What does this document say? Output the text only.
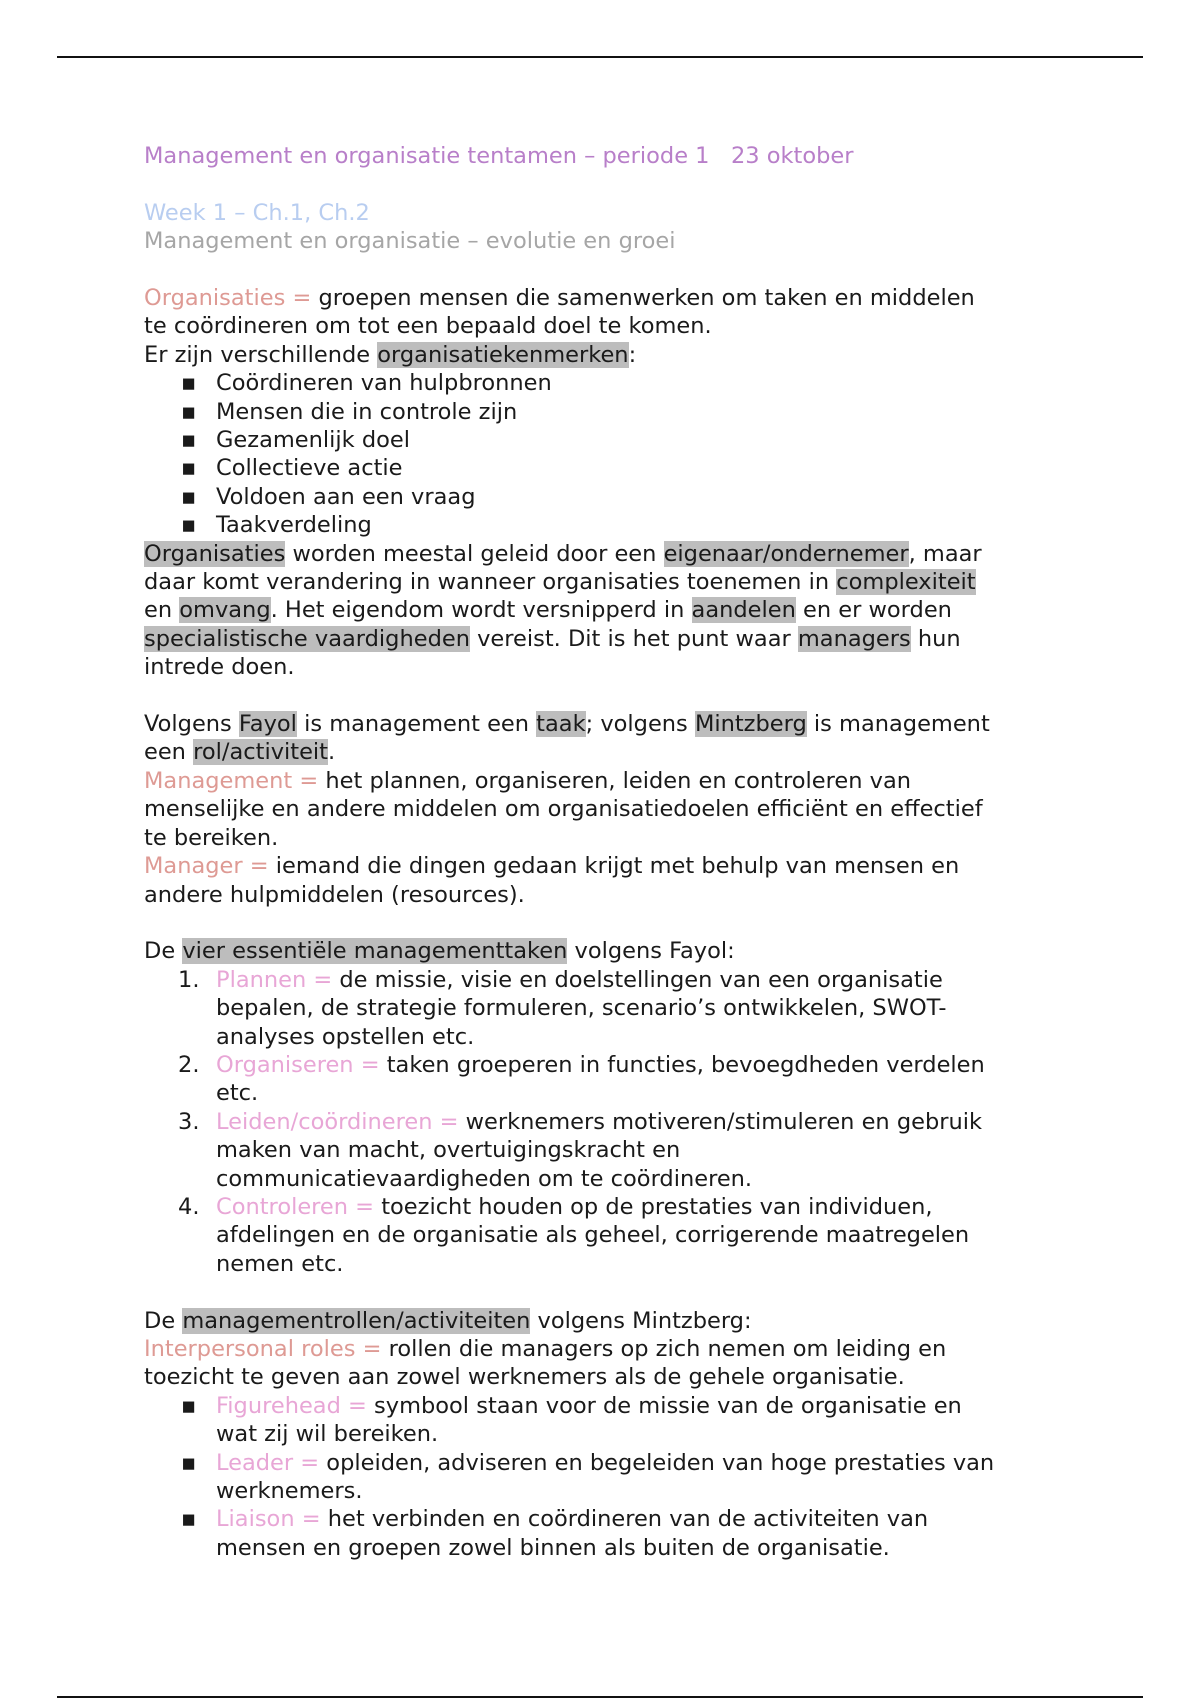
Management en organisatie tentamen – periode 1 23 oktober
Week 1 – Ch.1, Ch.2
Management en organisatie – evolutie en groei
Organisaties = groepen mensen die samenwerken om taken en middelen
te coördineren om tot een bepaald doel te komen.
Er zijn verschillende organisatiekenmerken:
▪ Coördineren van hulpbronnen
▪ Mensen die in controle zijn
▪ Gezamenlijk doel
▪ Collectieve actie
▪ Voldoen aan een vraag
▪ Taakverdeling
Organisaties worden meestal geleid door een eigenaar/ondernemer, maar
daar komt verandering in wanneer organisaties toenemen in complexiteit
en omvang. Het eigendom wordt versnipperd in aandelen en er worden
specialistische vaardigheden vereist. Dit is het punt waar managers hun
intrede doen.
Volgens Fayol is management een taak; volgens Mintzberg is management
een rol/activiteit.
Management = het plannen, organiseren, leiden en controleren van
menselijke en andere middelen om organisatiedoelen efficiënt en effectief
te bereiken.
Manager = iemand die dingen gedaan krijgt met behulp van mensen en
andere hulpmiddelen (resources).
De vier essentiële managementtaken volgens Fayol:
1. Plannen = de missie, visie en doelstellingen van een organisatie
bepalen, de strategie formuleren, scenario’s ontwikkelen, SWOT-
analyses opstellen etc.
2. Organiseren = taken groeperen in functies, bevoegdheden verdelen
etc.
3. Leiden/coördineren = werknemers motiveren/stimuleren en gebruik
maken van macht, overtuigingskracht en
communicatievaardigheden om te coördineren.
4. Controleren = toezicht houden op de prestaties van individuen,
afdelingen en de organisatie als geheel, corrigerende maatregelen
nemen etc.
De managementrollen/activiteiten volgens Mintzberg:
Interpersonal roles = rollen die managers op zich nemen om leiding en
toezicht te geven aan zowel werknemers als de gehele organisatie.
▪ Figurehead = symbool staan voor de missie van de organisatie en
wat zij wil bereiken.
▪ Leader = opleiden, adviseren en begeleiden van hoge prestaties van
werknemers.
▪ Liaison = het verbinden en coördineren van de activiteiten van
mensen en groepen zowel binnen als buiten de organisatie.
